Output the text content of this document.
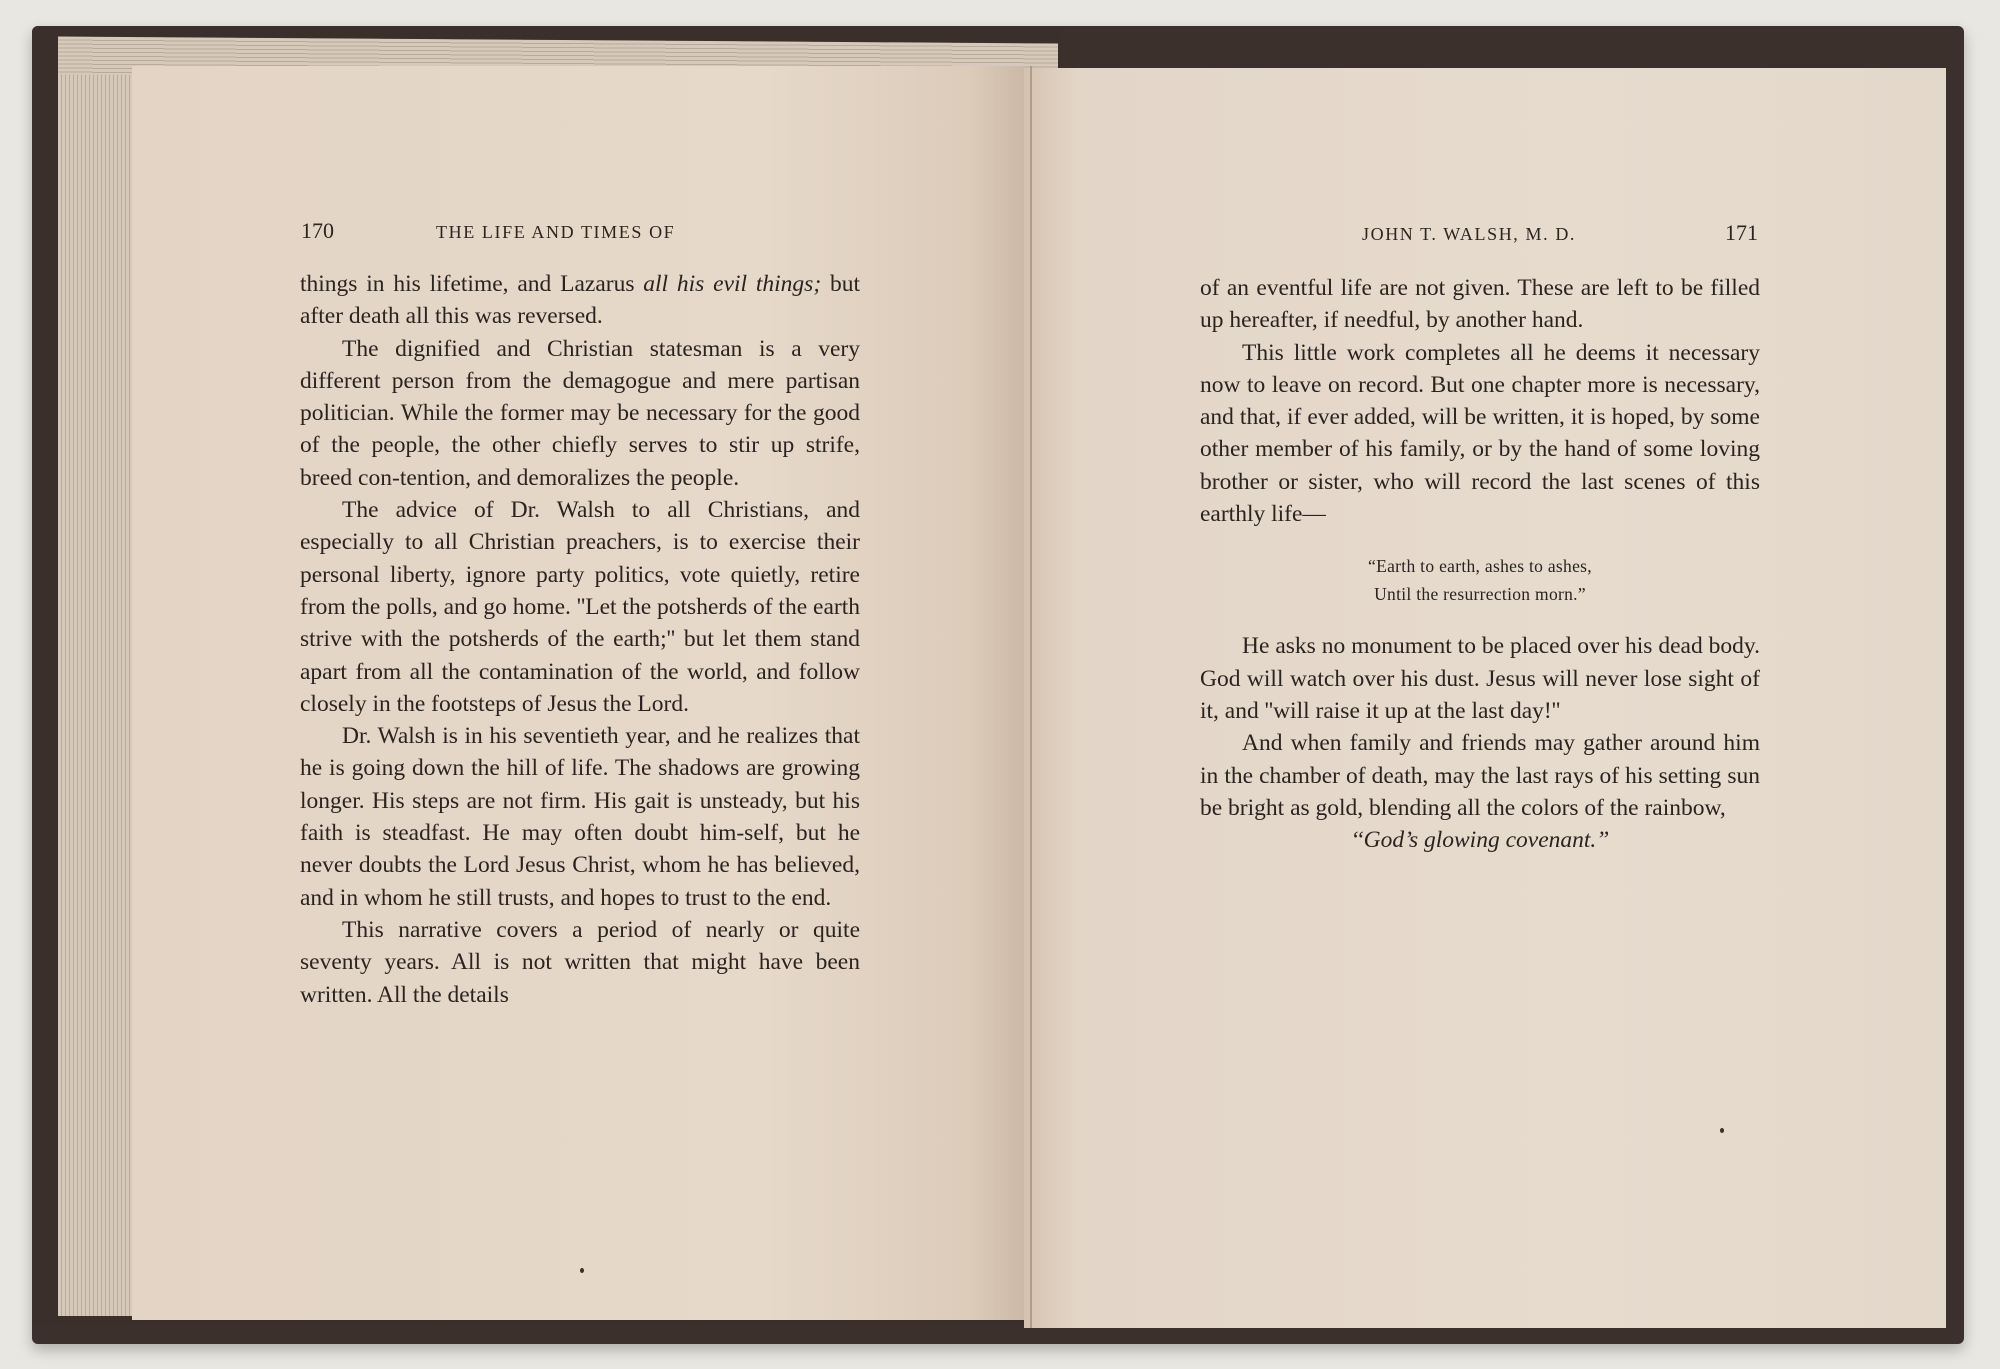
170	THE LIFE AND TIMES OF	JOHN T. WALSH, M. D.	171

things in his lifetime, and Lazarus all his evil things; but after death all this was reversed.

The dignified and Christian statesman is a very different person from the demagogue and mere partisan politician. While the former may be necessary for the good of the people, the other chiefly serves to stir up strife, breed con-tention, and demoralizes the people.

The advice of Dr. Walsh to all Christians, and especially to all Christian preachers, is to exercise their personal liberty, ignore party politics, vote quietly, retire from the polls, and go home. ''Let the potsherds of the earth strive with the potsherds of the earth;'' but let them stand apart from all the contamination of the world, and follow closely in the footsteps of Jesus the Lord.

Dr. Walsh is in his seventieth year, and he realizes that he is going down the hill of life. The shadows are growing longer. His steps are not firm. His gait is unsteady, but his faith is steadfast. He may often doubt him-self, but he never doubts the Lord Jesus Christ, whom he has believed, and in whom he still trusts, and hopes to trust to the end.

This narrative covers a period of nearly or quite seventy years. All is not written that might have been written. All the details

of an eventful life are not given. These are left to be filled up hereafter, if needful, by another hand.

This little work completes all he deems it necessary now to leave on record. But one chapter more is necessary, and that, if ever added, will be written, it is hoped, by some other member of his family, or by the hand of some loving brother or sister, who will record the last scenes of this earthly life—

“Earth to earth, ashes to ashes,
Until the resurrection morn.”

He asks no monument to be placed over his dead body. God will watch over his dust. Jesus will never lose sight of it, and ''will raise it up at the last day!''

And when family and friends may gather around him in the chamber of death, may the last rays of his setting sun be bright as gold, blending all the colors of the rainbow,

‘‘God’s glowing covenant.”
